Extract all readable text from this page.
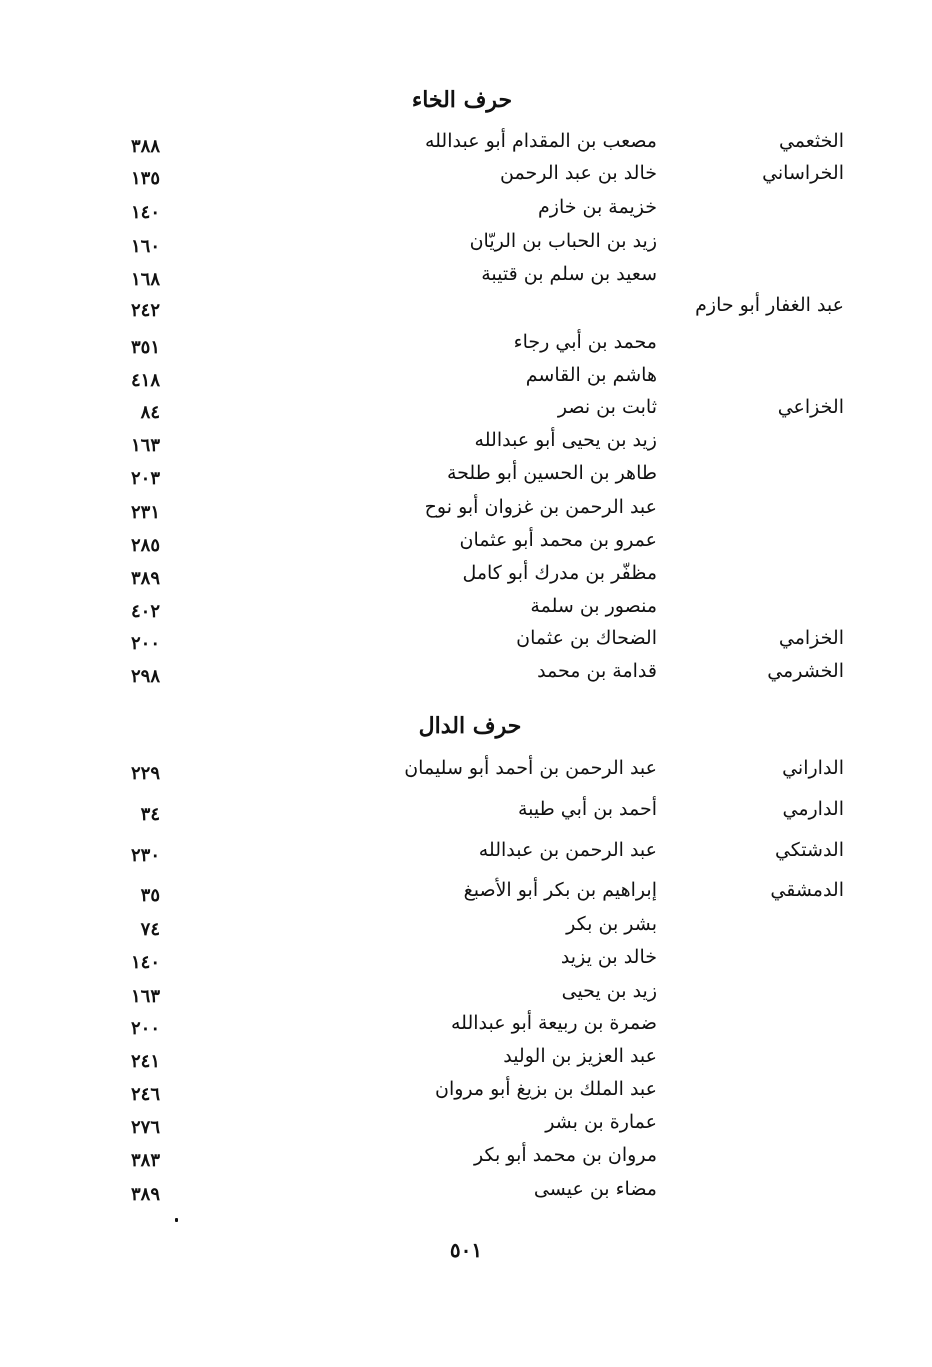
حرف الخاء
الخثعمي
مصعب بن المقدام أبو عبدالله
٣٨٨
الخراساني
خالد بن عبد الرحمن
١٣٥
خزيمة بن خازم
١٤٠
زيد بن الحباب بن الريّان
١٦٠
سعيد بن سلم بن قتيبة
١٦٨
عبد الغفار أبو حازم
٢٤٢
محمد بن أبي رجاء
٣٥١
هاشم بن القاسم
٤١٨
الخزاعي
ثابت بن نصر
٨٤
زيد بن يحيى أبو عبدالله
١٦٣
طاهر بن الحسين أبو طلحة
٢٠٣
عبد الرحمن بن غزوان أبو نوح
٢٣١
عمرو بن محمد أبو عثمان
٢٨٥
مظفّر بن مدرك أبو كامل
٣٨٩
منصور بن سلمة
٤٠٢
الخزامي
الضحاك بن عثمان
٢٠٠
الخشرمي
قدامة بن محمد
٢٩٨
حرف الدال
الداراني
عبد الرحمن بن أحمد أبو سليمان
٢٢٩
الدارمي
أحمد بن أبي طيبة
٣٤
الدشتكي
عبد الرحمن بن عبدالله
٢٣٠
الدمشقي
إبراهيم بن بكر أبو الأصبغ
٣٥
بشر بن بكر
٧٤
خالد بن يزيد
١٤٠
زيد بن يحيى
١٦٣
ضمرة بن ربيعة أبو عبدالله
٢٠٠
عبد العزيز بن الوليد
٢٤١
عبد الملك بن بزيغ أبو مروان
٢٤٦
عمارة بن بشر
٢٧٦
مروان بن محمد أبو بكر
٣٨٣
مضاء بن عيسى
٣٨٩
٥٠١
